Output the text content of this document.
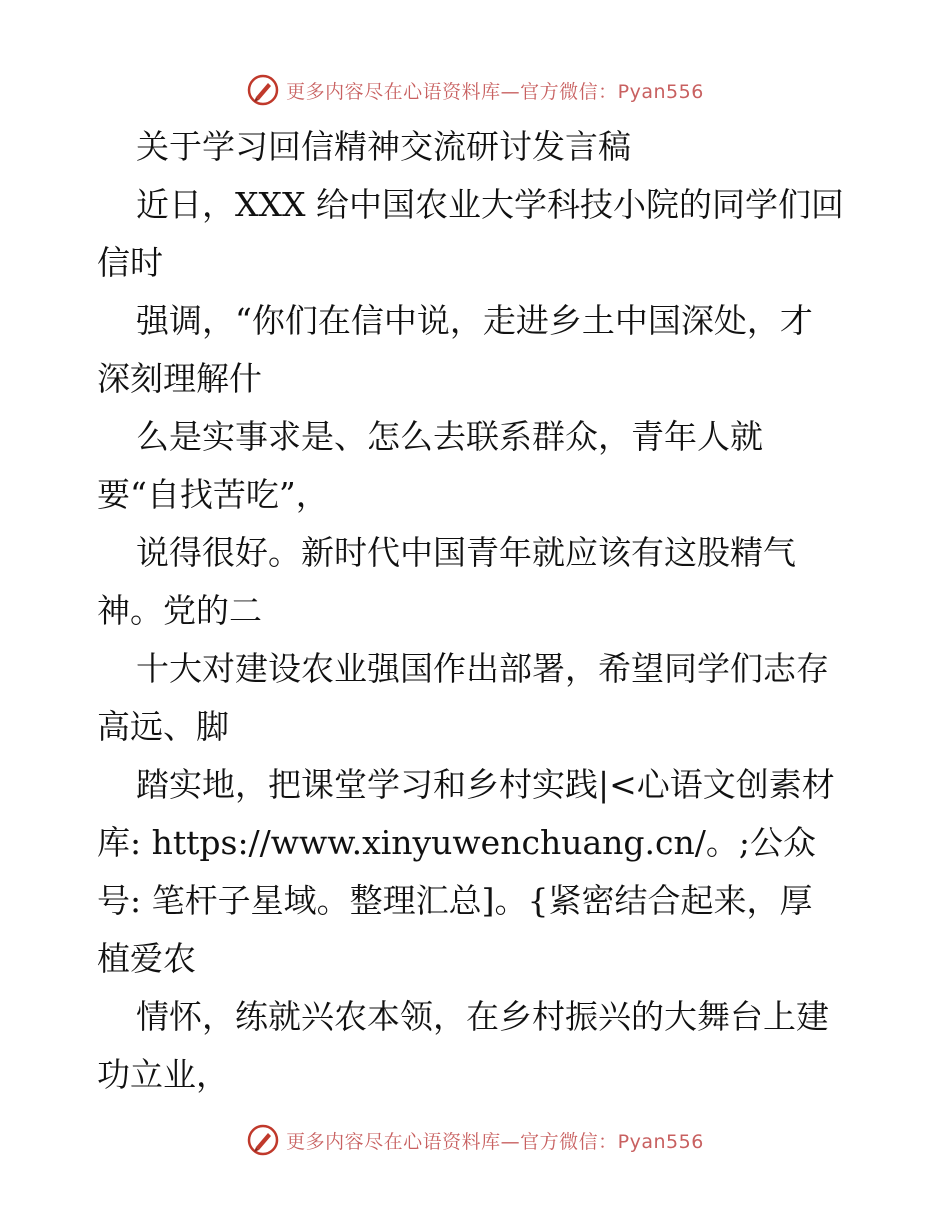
更多内容尽在心语资料库—官方微信：Pyan556
关于学习回信精神交流研讨发言稿
近日，XXX 给中国农业大学科技小院的同学们回
信时
强调，“你们在信中说，走进乡土中国深处，才
深刻理解什
么是实事求是、怎么去联系群众，青年人就
要“自找苦吃”，
说得很好。新时代中国青年就应该有这股精气
神。党的二
十大对建设农业强国作出部署，希望同学们志存
高远、脚
踏实地，把课堂学习和乡村实践|<心语文创素材
库: https://www.xinyuwenchuang.cn/。;公众
号: 笔杆子星域。整理汇总]。{紧密结合起来，厚
植爱农
情怀，练就兴农本领，在乡村振兴的大舞台上建
功立业，
更多内容尽在心语资料库—官方微信：Pyan556
